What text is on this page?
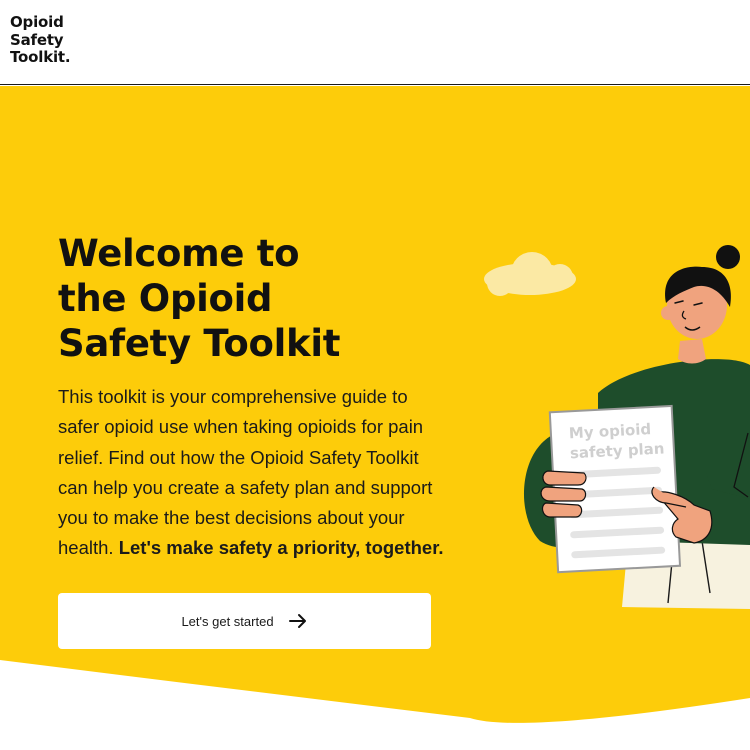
Opioid
Safety
Toolkit.
Welcome to
the Opioid
Safety Toolkit

This toolkit is your comprehensive guide to safer opioid use when taking opioids for pain relief. Find out how the Opioid Safety Toolkit can help you create a safety plan and support you to make the best decisions about your health. Let's make safety a priority, together.

Let's get started
My opioid
safety plan
